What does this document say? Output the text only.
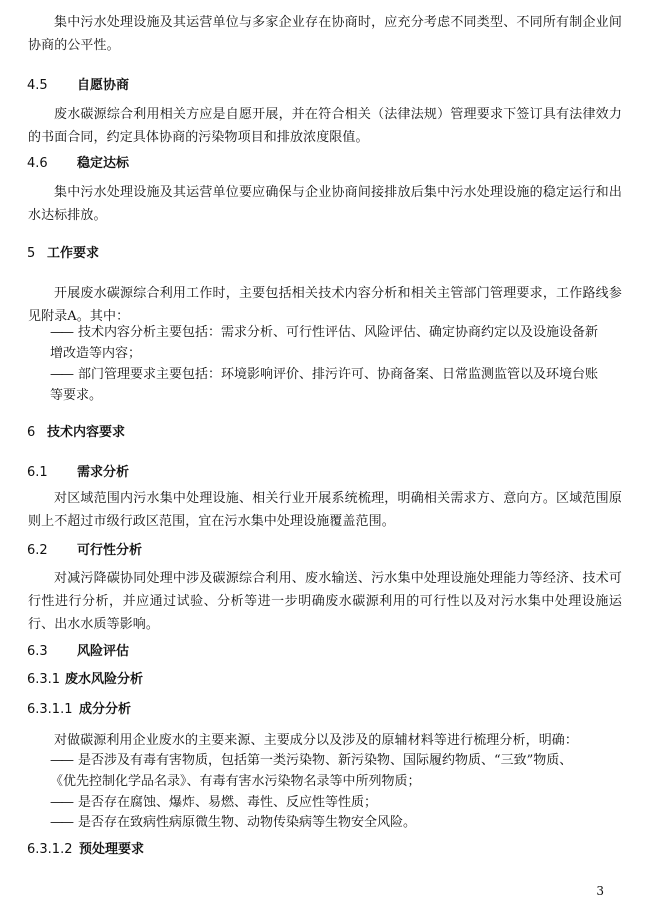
集中污水处理设施及其运营单位与多家企业存在协商时，应充分考虑不同类型、不同所有制企业间协商的公平性。
4.5 自愿协商
废水碳源综合利用相关方应是自愿开展，并在符合相关（法律法规）管理要求下签订具有法律效力的书面合同，约定具体协商的污染物项目和排放浓度限值。
4.6 稳定达标
集中污水处理设施及其运营单位要应确保与企业协商间接排放后集中污水处理设施的稳定运行和出水达标排放。
5 工作要求
开展废水碳源综合利用工作时，主要包括相关技术内容分析和相关主管部门管理要求，工作路线参见附录A。其中：
—— 技术内容分析主要包括：需求分析、可行性评估、风险评估、确定协商约定以及设施设备新
增改造等内容；
—— 部门管理要求主要包括：环境影响评价、排污许可、协商备案、日常监测监管以及环境台账
等要求。
6 技术内容要求
6.1 需求分析
对区域范围内污水集中处理设施、相关行业开展系统梳理，明确相关需求方、意向方。区域范围原则上不超过市级行政区范围，宜在污水集中处理设施覆盖范围。
6.2 可行性分析
对减污降碳协同处理中涉及碳源综合利用、废水输送、污水集中处理设施处理能力等经济、技术可行性进行分析，并应通过试验、分析等进一步明确废水碳源利用的可行性以及对污水集中处理设施运行、出水水质等影响。
6.3 风险评估
6.3.1 废水风险分析
6.3.1.1 成分分析
对做碳源利用企业废水的主要来源、主要成分以及涉及的原辅材料等进行梳理分析，明确：
—— 是否涉及有毒有害物质，包括第一类污染物、新污染物、国际履约物质、“三致”物质、
《优先控制化学品名录》、有毒有害水污染物名录等中所列物质；
—— 是否存在腐蚀、爆炸、易燃、毒性、反应性等性质；
—— 是否存在致病性病原微生物、动物传染病等生物安全风险。
6.3.1.2 预处理要求
3
